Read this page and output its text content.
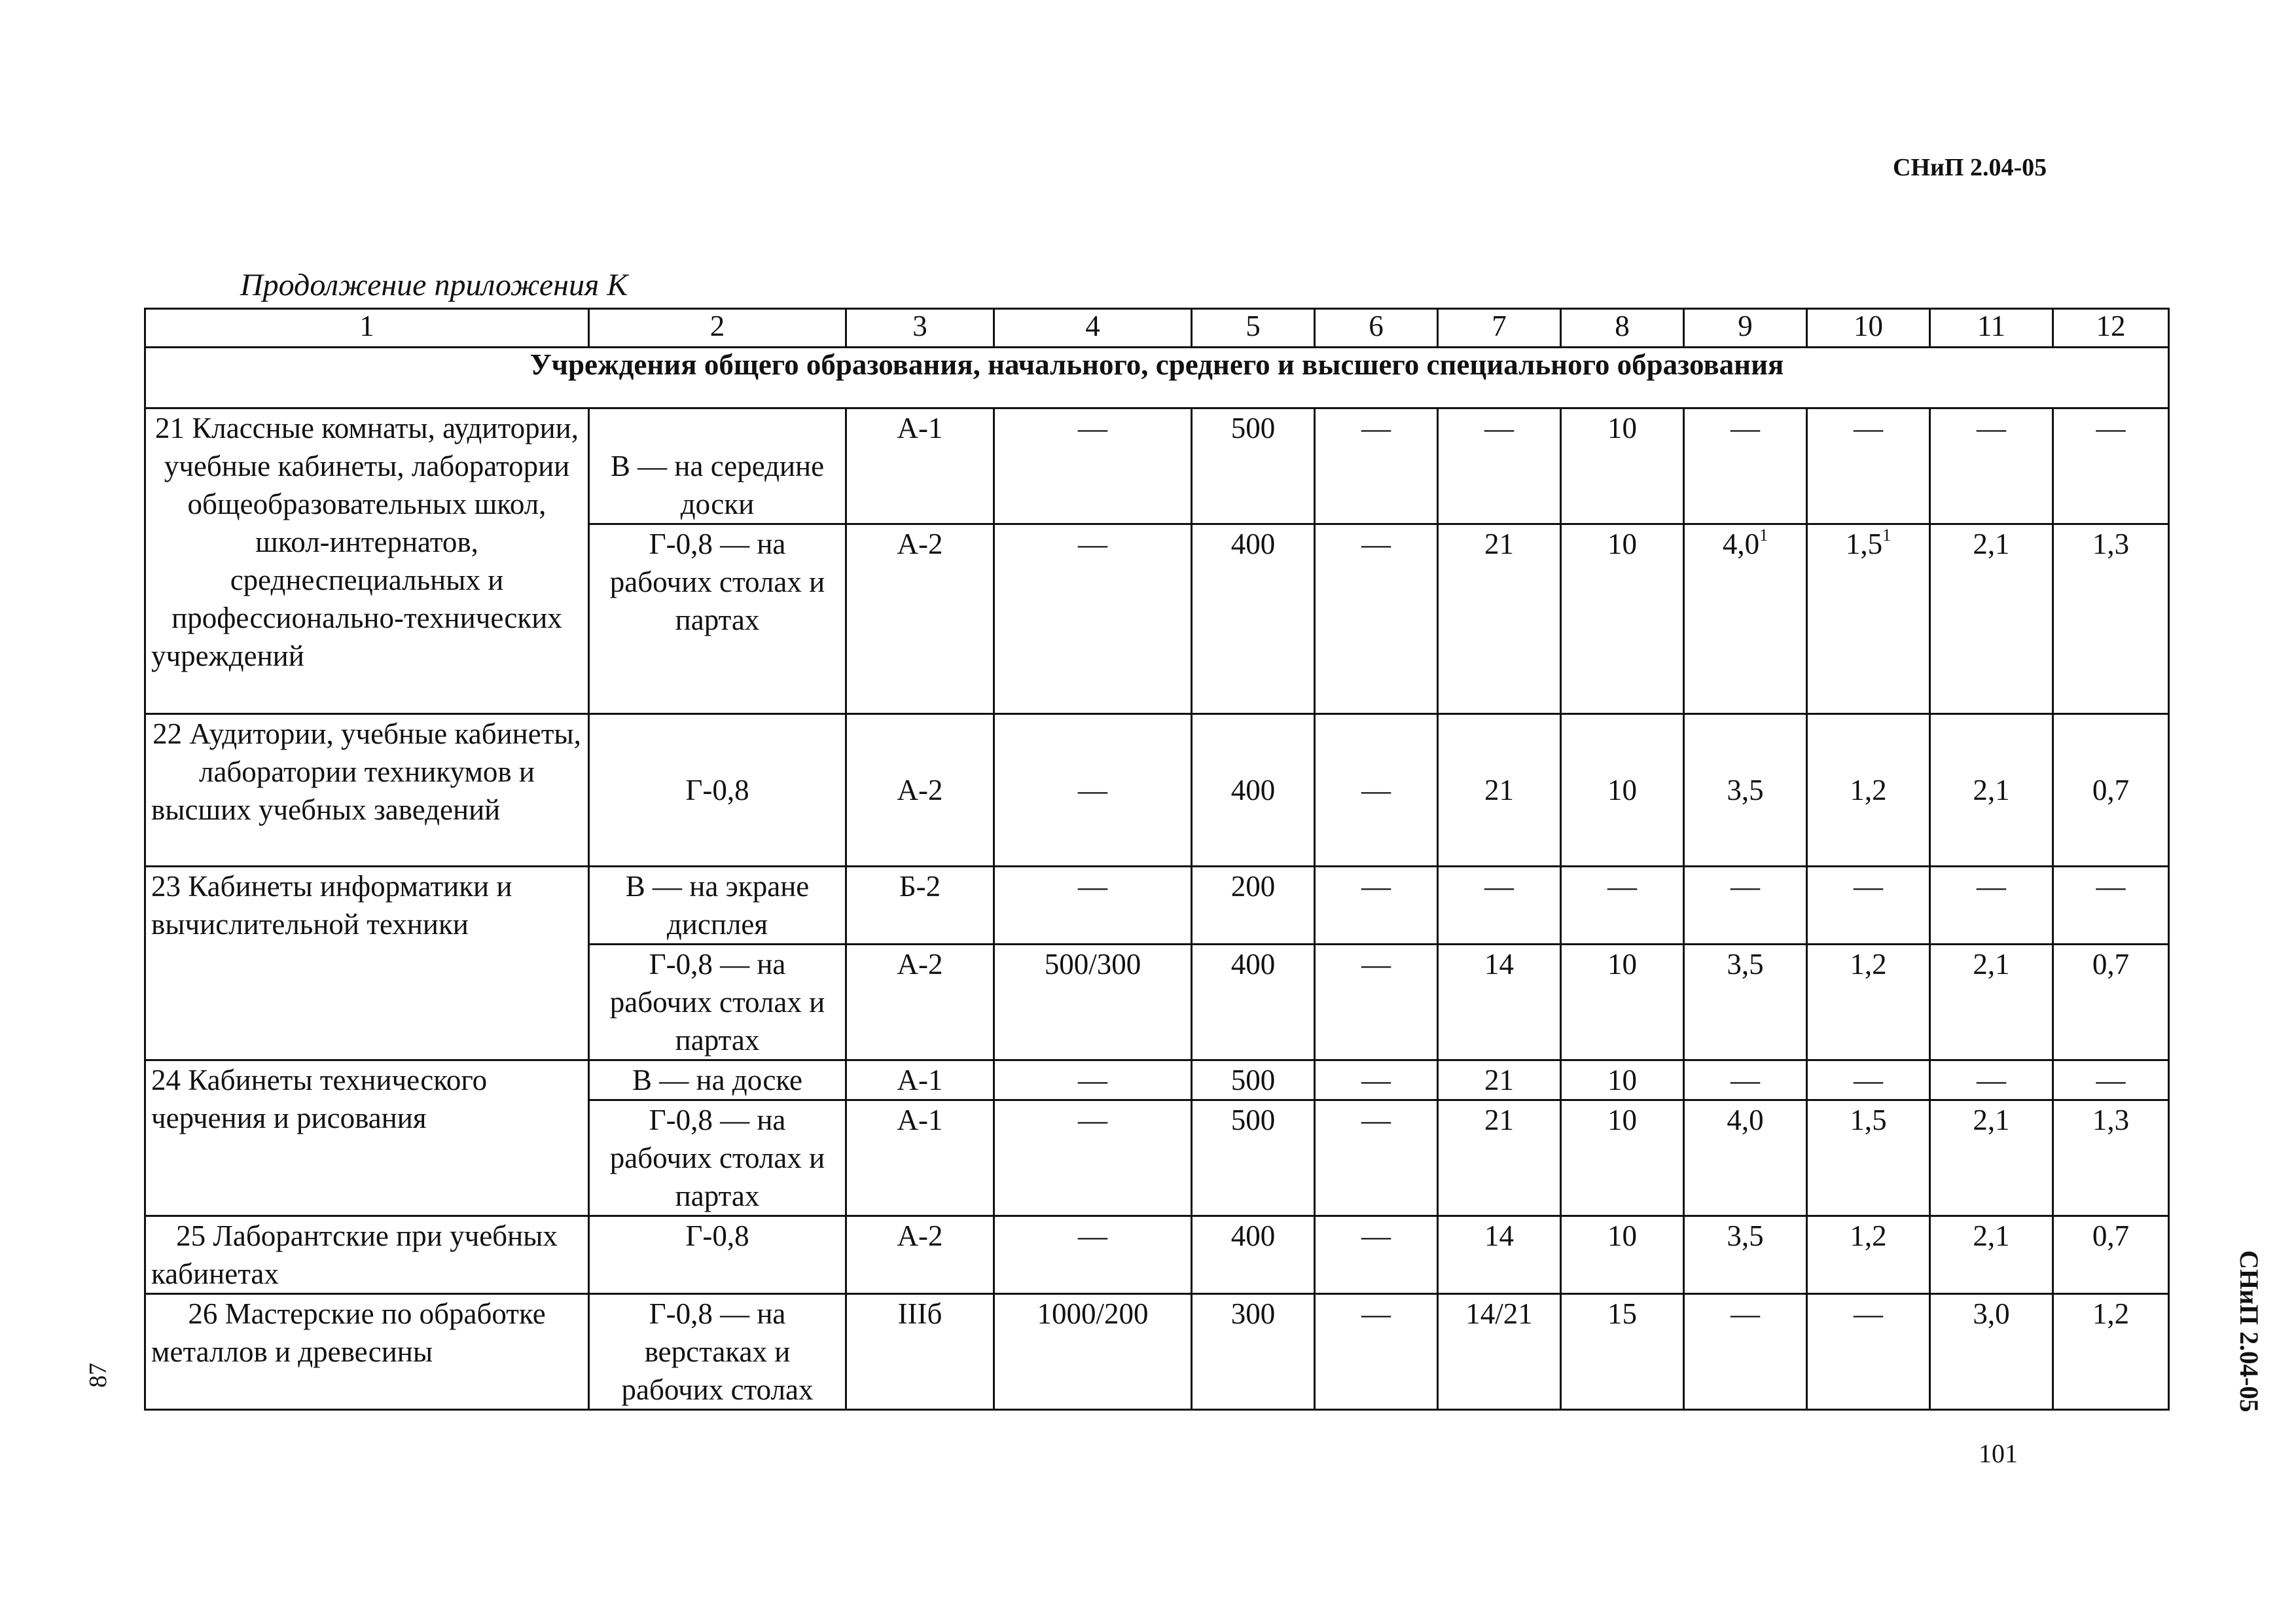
СНиП 2.04-05
Продолжение приложения К
СНиП 2.04-05
87
1	2	3	4	5	6	7	8	9	10	11	12
Учреждения общего образования, начального, среднего и высшего специального образования											
21 Классные комнаты, аудитории, учебные кабинеты, лаборатории общеобразовательных школ, школ-интернатов, среднеспециальных и профессионально-технических учреждений	В — на середине доски	А-1	—	500	—	—	10	—	—	—	—
	Г-0,8 — на рабочих столах и партах	А-2	—	400	—	21	10	$4,0^1$	$1,5^1$	2,1	1,3
22 Аудитории, учебные кабинеты, лаборатории техникумов и высших учебных заведений	Г-0,8	А-2	—	400	—	21	10	3,5	1,2	2,1	0,7
23 Кабинеты информатики и вычислительной техники	В — на экране дисплея	Б-2	—	200	—	—	—	—	—	—	—
	Г-0,8 — на рабочих столах и партах	А-2	500/300	400	—	14	10	3,5	1,2	2,1	0,7
24 Кабинеты технического черчения и рисования	В — на доске	А-1	—	500	—	21	10	—	—	—	—
	Г-0,8 — на рабочих столах и партах	А-1	—	500	—	21	10	4,0	1,5	2,1	1,3
25 Лаборантские при учебных кабинетах	Г-0,8	А-2	—	400	—	14	10	3,5	1,2	2,1	0,7
26 Мастерские по обработке металлов и древесины	Г-0,8 — на верстаках и рабочих столах	IIIб	1000/200	300	—	14/21	15	—	—	3,0	1,2
101
